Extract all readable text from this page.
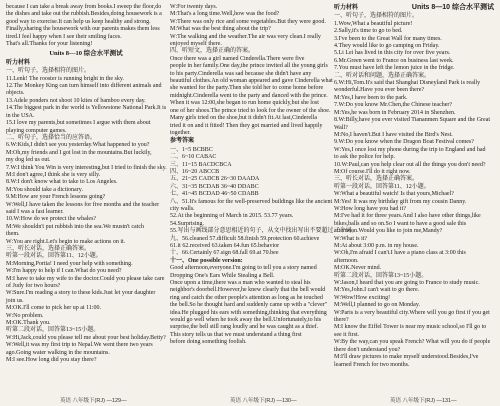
Units 8—10 综合水平测试
because I can take a break away from books.I sweep the floor,do
the dishes and take out the rubbish.Besides,doing housework is a
good way to exercise.It can help us keep healthy and strong.
Finally,sharing the housework with our parents makes them less
tired.I feel happy when I see their smiling faces.
That's all.Thanks for your listening!
Units 8—10 综合水平测试
听力材料
一、听句子，选择相符的图片。
11.Lenk! The rooster is running bright in the sky.
12.The Monkey King can turn himself into different animals and
objects.
13.Adele ponders not shoot 10 kites of bamboo every day.
14.The biggest park in the world is Yellowstone National Park.It is
in the USA.
15.I love my parents,but sometimes I argue with them about
playing computer games.
二、听句子，选择恰当的应答语。
6.W:Kids,I didn't see you yesterday.What happened to you?
M:Oh,my friends and I got lost in the mountains.But luckily,
my dog led us out.
7.W:I think You Win is very interesting,but I tried to finish the sky.
M:I don't agree,I think she is very silly.
8.W:I don't know what to take to Los Angeles.
M:You should take a dictionary.
9.M:How are your French lessons going?
W:Well,I have taken the lessons for five months and the teacher
said I was a fast learner.
10.W:How do we protect the whales?
M:We shouldn't put rubbish into the sea.We mustn't catch
them.
W:You are right.Let's begin to make actions on it.
三、听长对话，选择正确答案。
听第一段对话，回答第11、12小题。
M:Morning,Portia! I need your help with something.
W:I'm happy to help if I can.What do you need?
M:I have to take my wife to the doctor.Could you please take care
of Judy for two hours?
W:Sure.I'm reading a story to these kids.Just let your daughter
join us.
M:OK.I'll come to pick her up at 11:00.
W:No problem.
M:OK.Thank you.
听第二段对话，回答第13~15小题。
W:Hi,Jack,could you please tell me about your best holiday.Betty?
W:Well,it was my first trip to Nepal.We went there two years
ago.Going water walking in the mountains.
M:I see.How long did you stay there?
W:For twenty days.
M:That's a long time.Well,how was the food?
W:There was only rice and some vegetables.But they were good.
M:What was the best thing about the trip?
W:The walking and the weather.The air was very clean.I really
enjoyed myself there.
四、听短文，选择正确的答案。
Once there was a girl named Cinderella.There were five
people in her family.One day,the prince invited all the young girls
to his party.Cinderella was sad because she didn't have any
beautiful clothes.An old woman appeared and gave Cinderella what
she wanted for the party.Then she told her to come home before
midnight.Cinderella went to the party and danced with the prince.
When it was 12:00,she began to run home quickly,but she lost
one of her shoes.The prince tried to look for the owner of the shoe.
Many girls tried on the shoe,but it didn't fit.At last,Cinderella
tried it on and it fitted! Then they got married and lived happily
together.
参考答案
一、1~5 BCBBC
二、6~10 CABAC
三、11~15 BACDCBCA
四、16~20 ABCCB
五、21~25 CADCB 26~30 DAADA
六、31~35 BCDAB 36~40 DDABC
七、41~45 BCDAD 46~50 CDABB
八、51.It's famous for the well-preserved buildings like the ancient
city walls.
52.At the beginning of March in 2015. 53.77 years.
54.Surprising.
55.写出与画线部分意思相近的句子，从文中找出写出不要超过三个词。
九、56.cleaned 57.difficult 58.finish 59.protection 60.achieve
61.it 62.received 63.taken 64.fun 65.behavior
十、66.Certainly 67.sign 68.fall 69.at 70.bee
十一、One possible version:
Good afternoon,everyone.I'm going to tell you a story named
Dropping One's Ears While Stealing a Bell.
Once upon a time,there was a man who wanted to steal his
neighbor's doorbell.However,he knew clearly that the bell would
ring and catch the other people's attention as long as he touched
the bell.So he thought hard and suddenly came up with a "clever"
idea.He plugged his ears with something,thinking that everything
would go well when he took away the bell.Unfortunately,to his
surprise,the bell still rang loudly and he was caught as a thief.
This story tells us that we must understand a thing first
before doing something foolish.
听力材料
一、听句子，选择相符的图片。
1.Wow,What a beautiful picture!
2.Sally,it's time to go to bed.
3.I've been to the Great Wall for many times.
4.They would like to go camping on Friday.
5.Li Lei has lived in this city for over five years.
6.Mr.Green went to France on business last week.
7.You must have left the lemon juice in the fridge.
二、听对话和问题，选择正确答案。
6.W:Hi,Tom.It's said that Shanghai Disneyland Park is really
wonderful.Have you ever been there?
M:Yes,I have been to the park.
7.W:Do you know Mr.Chen,the Chinese teacher?
M:Yes,he was born in February 2014 in Shenzhen.
8.W:Billy,have you ever visited Tiananmen Square and the Great
Wall?
M:No,I haven't.But I have visited the Bird's Nest.
9.W:Do you know when the Dragon Boat Festival comes?
W:Yes,I once lost my phone during the trip to England and had
to ask the police for help.
10.W:Paul,can you help clear out all the things you don't need?
M:Of course.I'll do it right now.
三、听长对话，选择正确答案。
听第一段对话，回答第11、12小题。
W:What a beautiful watch! Is that yours,Michael?
M:Yes! It was my birthday gift from my cousin Danny.
W:How long have you had it?
M:I've had it for three years.And I also have other things,like
bikes,balls and so on.So I want to have a good sale this
afternoon.Would you like to join me,Mandy?
W:What is it?
M:At about 3:00 p.m. in my house.
W:Oh,I'm afraid I can't.I have a piano class at 3:00 this
afternoon.
M:OK.Never mind.
听第二段对话，回答第13~15小题。
W:Jason,I heard that you are going to France to study music.
M:Yes,John.I can't wait to go there.
W:Wow!How exciting!
M:Well,I planned to go on Monday.
W:Paris is a very beautiful city.Where will you go first if you get
there?
M:I know the Eiffel Tower is near my music school,so I'll go to
see it first.
W:By the way,can you speak French? What will you do if people
there don't understand you?
M:I'll draw pictures to make myself understood.Besides,I've
learned French for two months.
英语 八年级下(RJ) —129—	英语 八年级下(RJ) —130—	英语 八年级下(RJ) —131—
